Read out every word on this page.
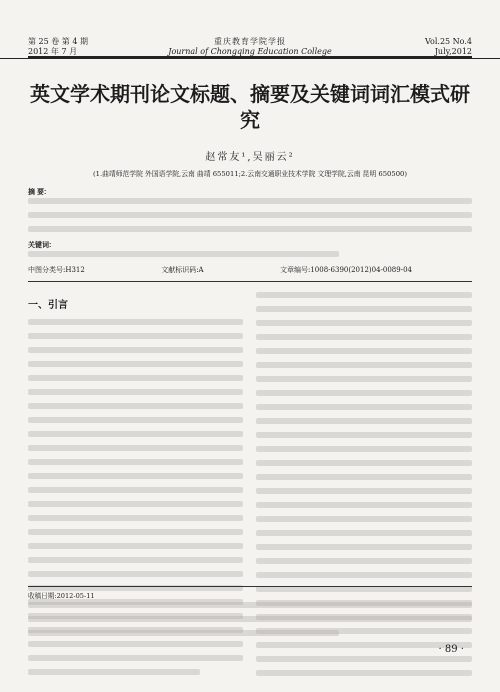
第 25 卷 第 4 期
2012 年 7 月
重庆教育学院学报
Journal of Chongqing Education College
Vol.25 No.4
July,2012
英文学术期刊论文标题、摘要及关键词词汇模式研究
赵常友¹,吴丽云²
(1.曲靖师范学院 外国语学院,云南 曲靖 655011;2.云南交通职业技术学院 文理学院,云南 昆明 650500)
摘 要:
关键词:
中图分类号:H312	文献标识码:A	文章编号:1008-6390(2012)04-0089-04
一、引言
收稿日期:2012-05-11
· 89 ·
